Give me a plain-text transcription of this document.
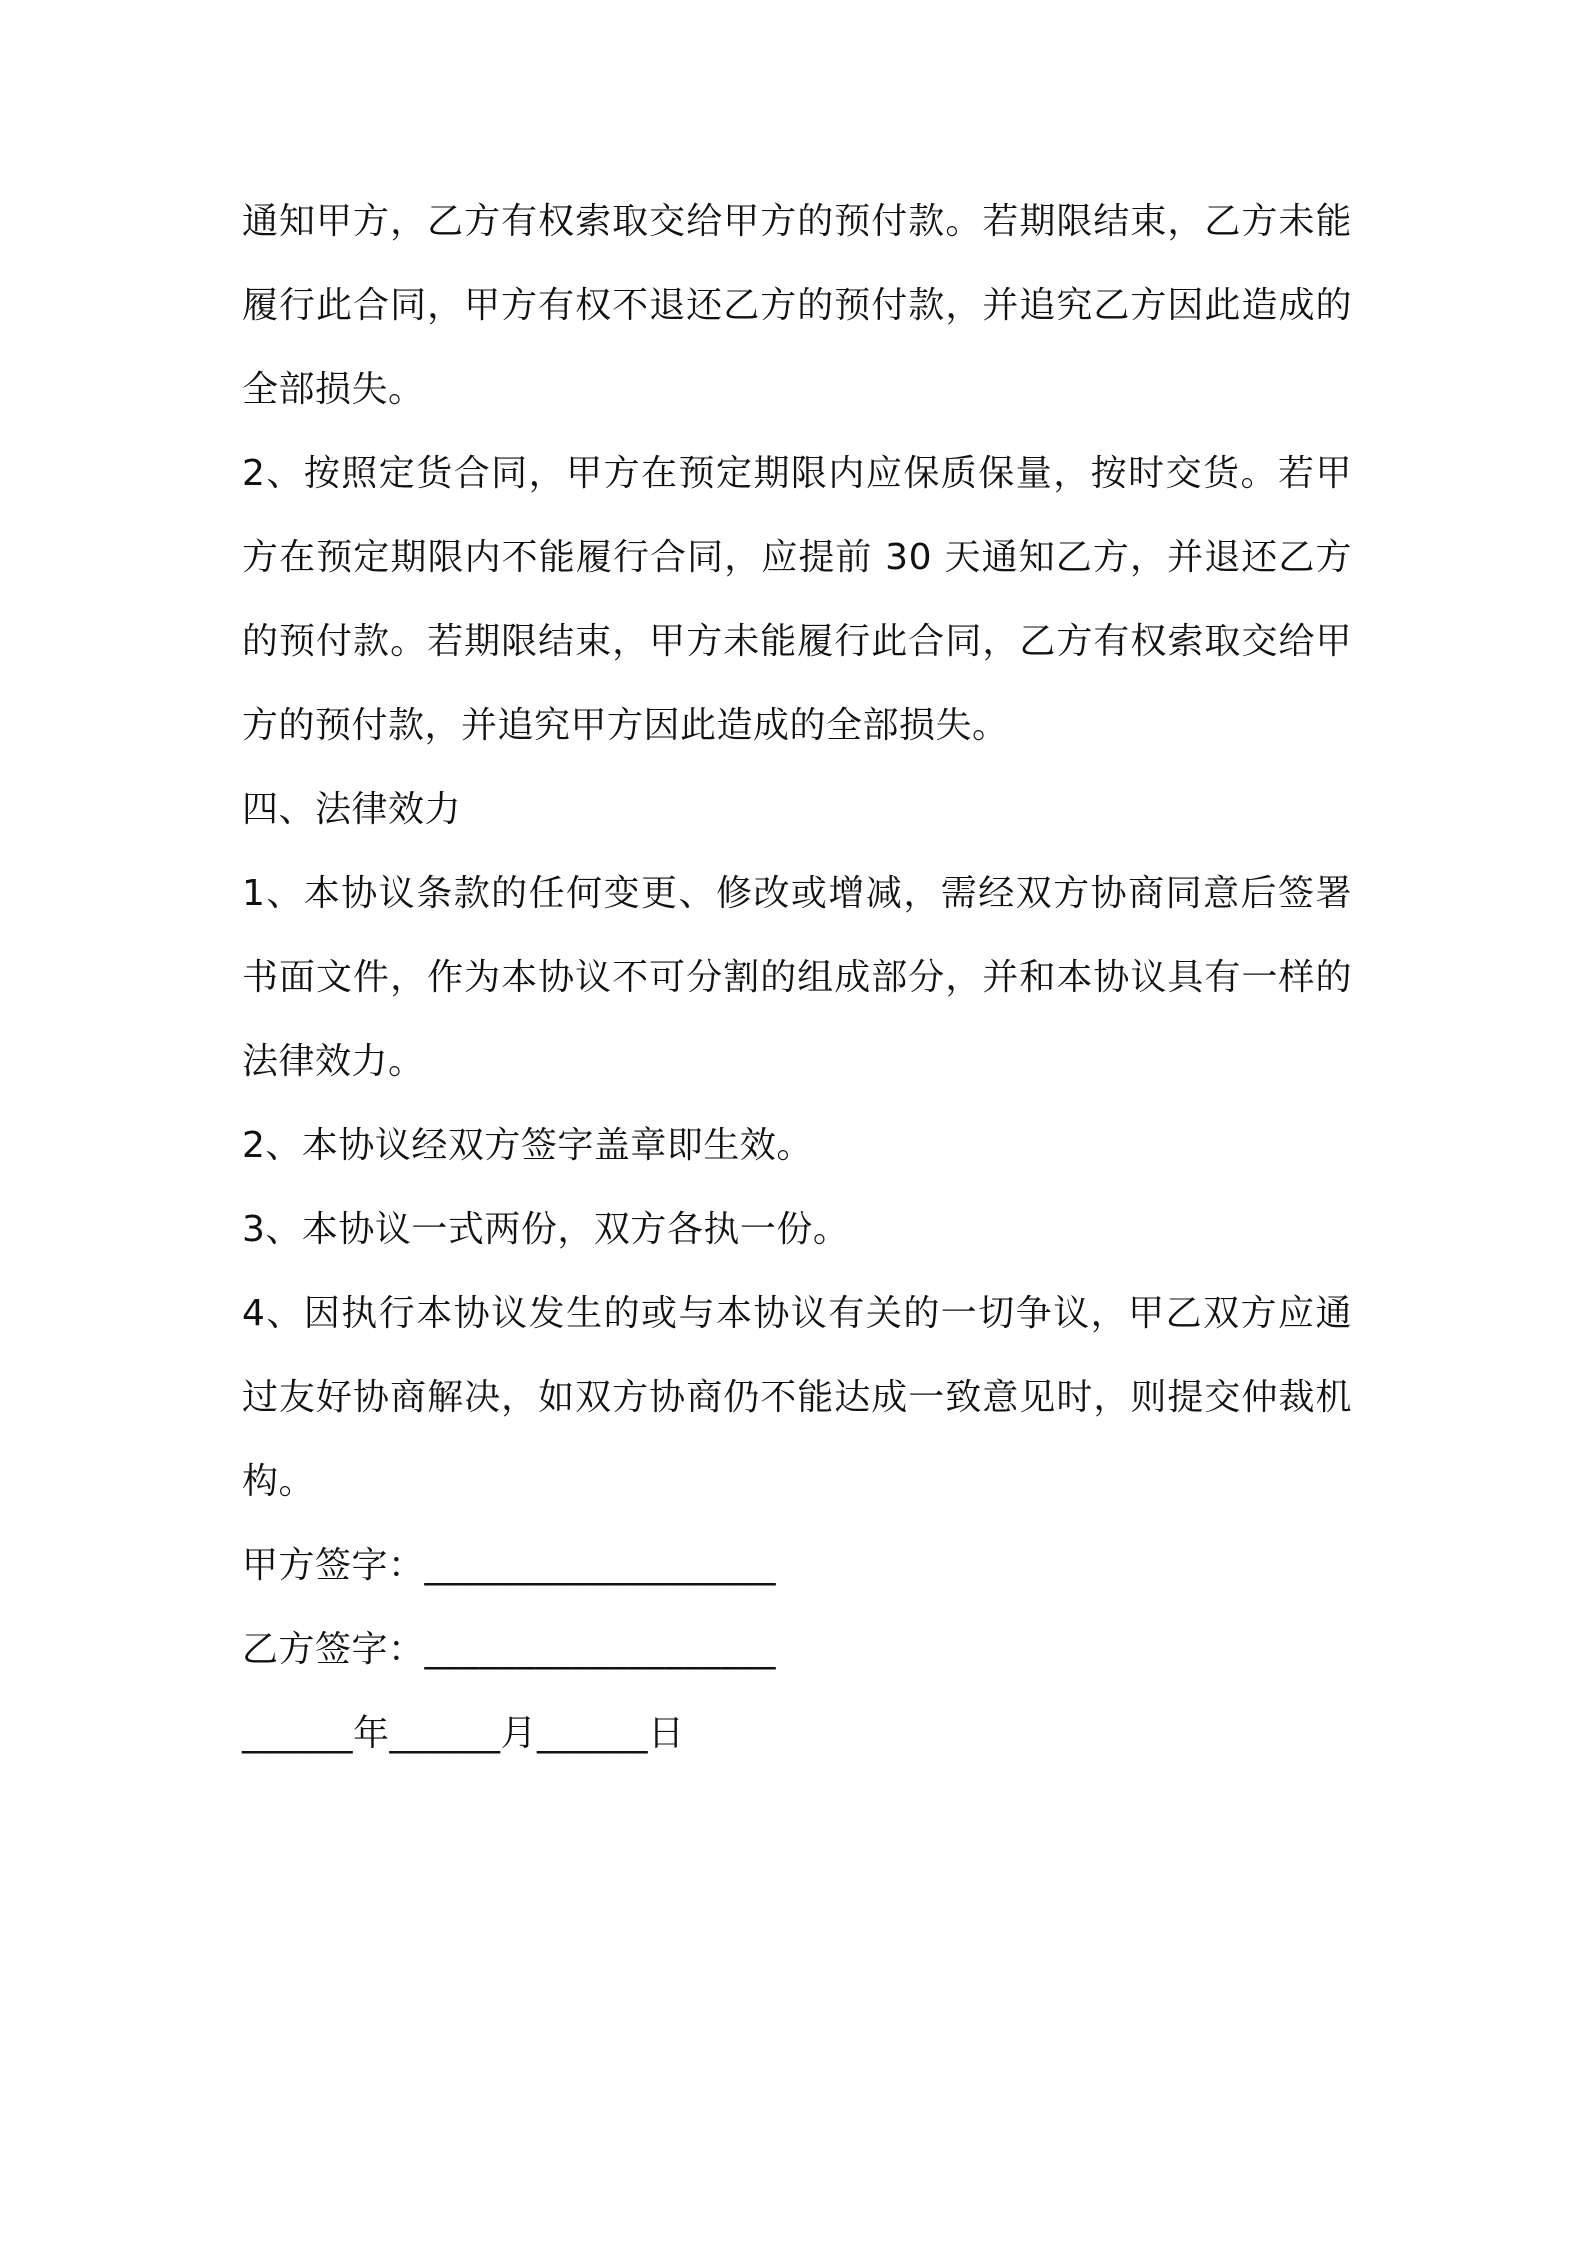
通知甲方，乙方有权索取交给甲方的预付款。若期限结束，乙方未能
履行此合同，甲方有权不退还乙方的预付款，并追究乙方因此造成的
全部损失。
2、按照定货合同，甲方在预定期限内应保质保量，按时交货。若甲
方在预定期限内不能履行合同，应提前 30 天通知乙方，并退还乙方
的预付款。若期限结束，甲方未能履行此合同，乙方有权索取交给甲
方的预付款，并追究甲方因此造成的全部损失。
四、法律效力
1、本协议条款的任何变更、修改或增减，需经双方协商同意后签署
书面文件，作为本协议不可分割的组成部分，并和本协议具有一样的
法律效力。
2、本协议经双方签字盖章即生效。
3、本协议一式两份，双方各执一份。
4、因执行本协议发生的或与本协议有关的一切争议，甲乙双方应通
过友好协商解决，如双方协商仍不能达成一致意见时，则提交仲裁机
构。
甲方签字：___________________
乙方签字：___________________
______年______月______日
